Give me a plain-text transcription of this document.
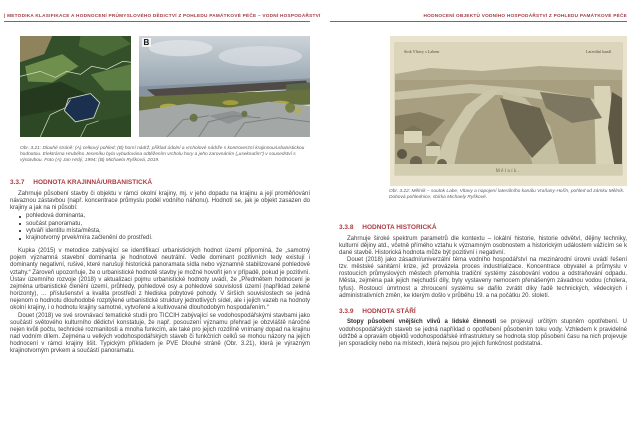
| METODIKA KLASIFIKACE A HODNOCENÍ PRŮMYSLOVÉHO DĚDICTVÍ Z POHLEDU PAMÁTKOVÉ PÉČE – VODNÍ HOSPODÁŘSTVÍ	HODNOCENÍ OBJEKTŮ VODNÍHO HOSPODÁŘSTVÍ Z POHLEDU PAMÁTKOVÉ PÉČE
B
Obr. 3.21: Dlouhé stráně: (A) celkový pohled; (B) horní nádrž; příklad údolní a vrcholové nádrže s kontroverzní krajinnou/urbanistickou hodnotou. Elektrárna Hrubého Jeseníku byla vybudována odtěžením vrcholu hory a jeho zarovnáním („useknutím“) v sousedství s výstavbou. Foto (A) Jan Hrdý, 1994; (B) Michaela Ryšková, 2019.
3.3.7 HODNOTA KRAJINNÁ/URBANISTICKÁ

Zahrnuje působení stavby či objektu v rámci okolní krajiny, mj. v jeho dopadu na krajinu a její proměňování návaznou zástavbou (např. koncentrace průmyslu podél vodního náhonu). Hodnotí se, jak je objekt zasazen do krajiny a jak na ni působí:

pohledová dominanta,
součást panoramatu,
vytváří identitu místa/města,
krajinotvorný prvek/míra začlenění do prostředí.

Kupka (2015) v metodice zabývající se identifikací urbanistických hodnot území připomíná, že „samotný pojem významná stavební dominanta je hodnotově neutrální. Vedle dominant pozitivních tedy existují i dominanty negativní, rušivé, které narušují historická panoramata sídla nebo významně stabilizované pohledové vztahy.“ Zároveň upozorňuje, že o urbanistické hodnotě stavby je možné hovořit jen v případě, pokud je pozitivní. Ústav územního rozvoje (2018) v aktualizaci pojmu urbanistické hodnoty uvádí, že „Předmětem hodnocení je zejména urbanistické členění území, průhledy, pohledové osy a pohledové souvislosti území (například zelené horizonty), … příslušenství a kvalita prostředí z hlediska pobytové pohody. V širších souvislostech se jedná nejenom o hodnotu dlouhodobé rozptýlené urbanistické struktury jednotlivých sídel, ale i jejich vazeb na hodnoty okolní krajiny, i o hodnotu krajiny samotné, vytvořené a kultivované dlouhodobým hospodařením.“

Douet (2018) ve své srovnávací tematické studii pro TICCIH zabývající se vodohospodářskými stavbami jako součástí světového kulturního dědictví konstatuje, že např. posouzení významu přehrad je obzvláště náročné nejen kvůli počtu, technické rozmanitosti a mnoha funkcím, ale také pro jejich rozdílně vnímaný dopad na krajinu nad vodním dílem. Zejména u velkých vodohospodářských staveb či funkčních celků se mohou názory na jejich hodnocení v rámci krajiny lišit. Typickým příkladem je PVE Dlouhé stráně (Obr. 3.21), která je výrazným krajinotvorným prvkem a součástí panoramatu.

Stok Vltavy s Labem	Laterální kanál
Mělník.
Obr. 3.22: Mělník – soutok Labe, Vltavy a napojení laterálního kanálu Vraňany-Hořín, pohled od zámku Mělník. Dobová pohlednice, sbírka Michaely Ryškové.
3.3.8 HODNOTA HISTORICKÁ

Zahrnuje široké spektrum parametrů dle kontextu – lokální historie, historie odvětví, dějiny techniky, kulturní dějiny atd., včetně přímého vztahu k významným osobnostem a historickým událostem vážícím se k dané stavbě. Historická hodnota může být pozitivní i negativní.

Douet (2018) jako zásadní/univerzální téma vodního hospodářství na mezinárodní úrovni uvádí řešení tzv. městské sanitární krize, jež provázela proces industrializace. Koncentrace obyvatel a průmyslu v rostoucích průmyslových městech přemohla tradiční systémy zásobování vodou a odstraňování odpadu. Města, zejména pak jejich nejchudší díly, byly vystaveny nemocem přenášeným závadnou vodou (cholera, tyfus). Rostoucí úmrtnost a zhroucení systému se dařilo zvrátit díky řadě technických, vědeckých i administrativních změn, ke kterým došlo v průběhu 19. a na počátku 20. století.

3.3.9 HODNOTA STÁŘÍ

Stopy působení vnějších vlivů a lidské činnosti se projevují určitým stupněm opotřebení. U vodohospodářských staveb se jedná například o opotřebení působením toku vody. Vzhledem k pravidelné údržbě a opravám objektů vodohospodářské infrastruktury se hodnota stop působení času na nich projevuje jen sporadicky nebo na místech, která nejsou pro jejich funkčnost podstatná.
